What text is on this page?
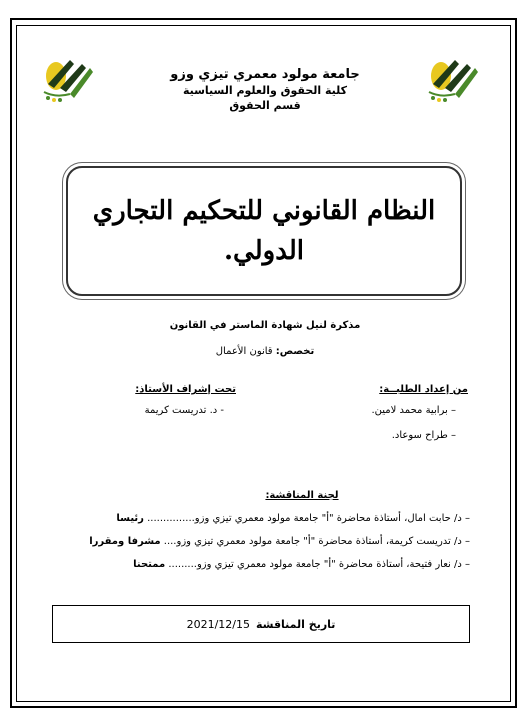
جامعة مولود معمري تيزي وزو
كلية الحقوق والعلوم السياسية
قسم الحقوق
النظام القانوني للتحكيم التجاري الدولي.
مذكرة لنيل شهادة الماستر في القانون
تخصص: قانون الأعمال
من إعداد الطلبــة:
– برابية محمد لامين.
– طراح سوعاد.
تحت إشراف الأستاذ:
- د. تدريست كريمة
لجنة المناقشة:
– د/ حابت امال، أستاذة محاضرة "أ" جامعة مولود معمري تيزي وزو............... رئيسا
– د/ تدريست كريمة، أستاذة محاضرة "أ" جامعة مولود معمري تيزي وزو.... مشرفا ومقررا
– د/ نعار فتيحة، أستاذة محاضرة "أ" جامعة مولود معمري تيزي وزو......... ممتحنا
تاريخ المناقشة
2021/12/15
